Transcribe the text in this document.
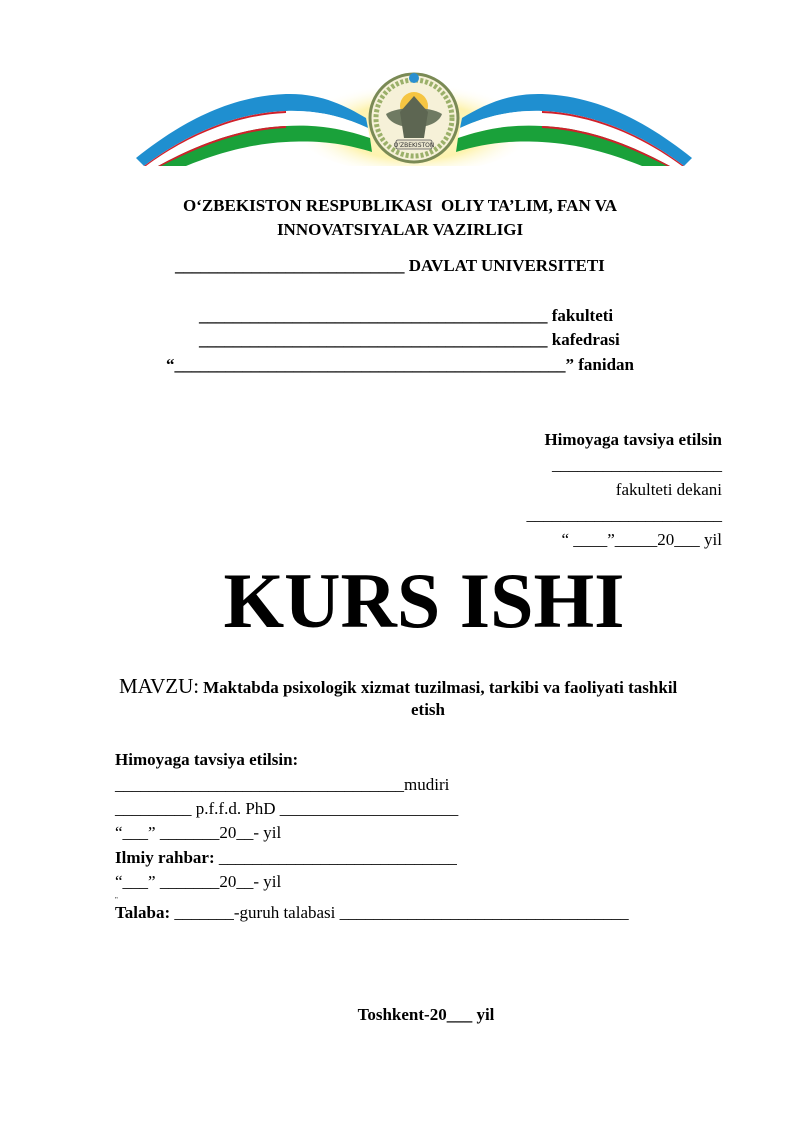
O'ZBEKISTON
O‘ZBEKISTON RESPUBLIKASI  OLIY TA’LIM, FAN VA
INNOVATSIYALAR VAZIRLIGI
___________________________ DAVLAT UNIVERSITETI
_________________________________________ fakulteti
_________________________________________ kafedrasi
“______________________________________________” fanidan
Himoyaga tavsiya etilsin
____________________
fakulteti dekani
_______________________
“ ____”_____20___ yil
KURS ISHI
MAVZU: Maktabda psixologik xizmat tuzilmasi, tarkibi va faoliyati tashkil
etish
Himoyaga tavsiya etilsin:
__________________________________mudiri
_________ p.f.f.d. PhD _____________________
“___” _______20__- yil
Ilmiy rahbar: ____________________________
“___” _______20__- yil
"
Talaba: _______-guruh talabasi __________________________________
Toshkent-20___ yil
